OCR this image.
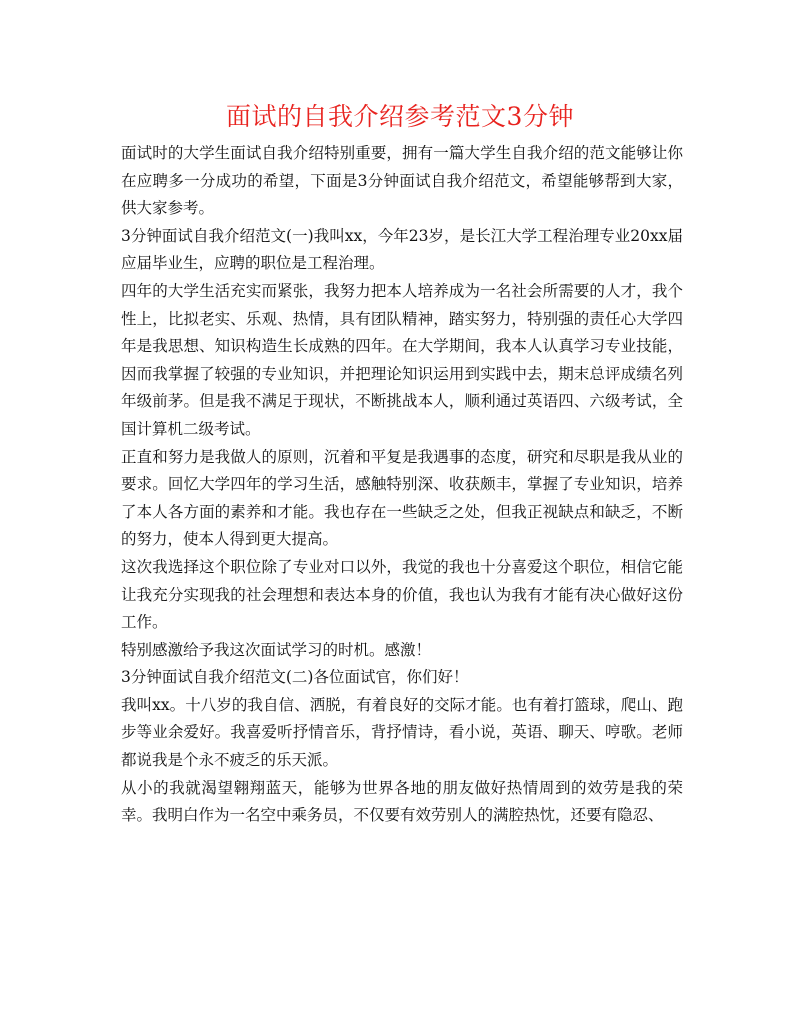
面试的自我介绍参考范文3分钟

面试时的大学生面试自我介绍特别重要，拥有一篇大学生自我介绍的范文能够让你在应聘多一分成功的希望，下面是3分钟面试自我介绍范文，希望能够帮到大家，供大家参考。

3分钟面试自我介绍范文(一)我叫xx，今年23岁，是长江大学工程治理专业20xx届应届毕业生，应聘的职位是工程治理。

四年的大学生活充实而紧张，我努力把本人培养成为一名社会所需要的人才，我个性上，比拟老实、乐观、热情，具有团队精神，踏实努力，特别强的责任心大学四年是我思想、知识构造生长成熟的四年。在大学期间，我本人认真学习专业技能，因而我掌握了较强的专业知识，并把理论知识运用到实践中去，期末总评成绩名列年级前茅。但是我不满足于现状，不断挑战本人，顺利通过英语四、六级考试，全国计算机二级考试。

正直和努力是我做人的原则，沉着和平复是我遇事的态度，研究和尽职是我从业的要求。回忆大学四年的学习生活，感触特别深、收获颇丰，掌握了专业知识，培养了本人各方面的素养和才能。我也存在一些缺乏之处，但我正视缺点和缺乏，不断的努力，使本人得到更大提高。

这次我选择这个职位除了专业对口以外，我觉的我也十分喜爱这个职位，相信它能让我充分实现我的社会理想和表达本身的价值，我也认为我有才能有决心做好这份工作。

特别感激给予我这次面试学习的时机。感激！

3分钟面试自我介绍范文(二)各位面试官，你们好！

我叫xx。十八岁的我自信、洒脱，有着良好的交际才能。也有着打篮球，爬山、跑步等业余爱好。我喜爱听抒情音乐，背抒情诗，看小说，英语、聊天、哼歌。老师都说我是个永不疲乏的乐天派。

从小的我就渴望翱翔蓝天，能够为世界各地的朋友做好热情周到的效劳是我的荣幸。我明白作为一名空中乘务员，不仅要有效劳别人的满腔热忱，还要有隐忍、
